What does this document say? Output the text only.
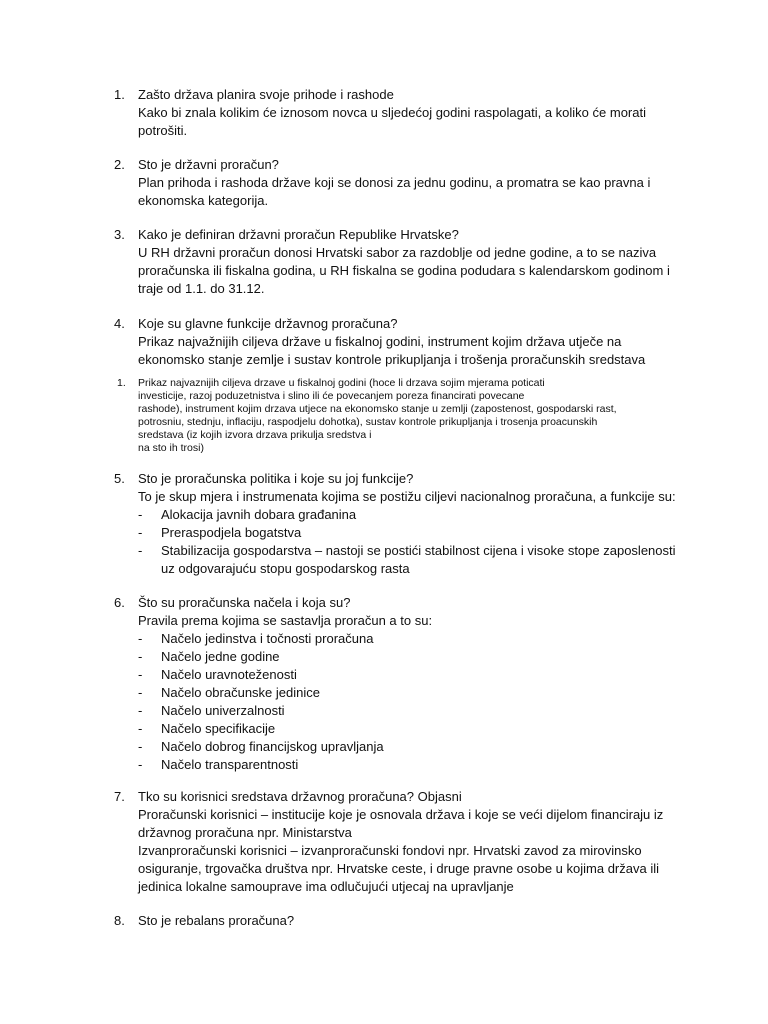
1. Zašto država planira svoje prihode i rashode
Kako bi znala kolikim će iznosom novca u sljedećoj godini raspolagati, a koliko će morati potrošiti.
2. Sto je državni proračun?
Plan prihoda i rashoda države koji se donosi za jednu godinu, a promatra se kao pravna i ekonomska kategorija.
3. Kako je definiran državni proračun Republike Hrvatske?
U RH državni proračun donosi Hrvatski sabor za razdoblje od jedne godine, a to se naziva proračunska ili fiskalna godina, u RH fiskalna se godina podudara s kalendarskom godinom i traje od 1.1. do 31.12.
4. Koje su glavne funkcije državnog proračuna?
Prikaz najvažnijih ciljeva države u fiskalnoj godini, instrument kojim država utječe na ekonomsko stanje zemlje i sustav kontrole prikupljanja i trošenja proračunskih sredstava
1. Prikaz najvaznijih ciljeva drzave u fiskalnoj godini (hoce li drzava sojim mjerama poticati
investicije, razoj poduzetnistva i slino ili će povecanjem poreza financirati povecane
rashode), instrument kojim drzava utjece na ekonomsko stanje u zemlji (zapostenost, gospodarski rast,
potrosniu, stednju, inflaciju, raspodjelu dohotka), sustav kontrole prikupljanja i trosenja proacunskih
sredstava (iz kojih izvora drzava prikulja sredstva i
na sto ih trosi)
5. Sto je proračunska politika i koje su joj funkcije?
To je skup mjera i instrumenata kojima se postižu ciljevi nacionalnog proračuna, a funkcije su:
- Alokacija javnih dobara građanina
- Preraspodjela bogatstva
- Stabilizacija gospodarstva – nastoji se postići stabilnost cijena i visoke stope zaposlenosti
uz odgovarajuću stopu gospodarskog rasta
6. Što su proračunska načela i koja su?
Pravila prema kojima se sastavlja proračun a to su:
- Načelo jedinstva i točnosti proračuna
- Načelo jedne godine
- Načelo uravnoteženosti
- Načelo obračunske jedinice
- Načelo univerzalnosti
- Načelo specifikacije
- Načelo dobrog financijskog upravljanja
- Načelo transparentnosti
7. Tko su korisnici sredstava državnog proračuna? Objasni
Proračunski korisnici – institucije koje je osnovala država i koje se veći dijelom financiraju iz
državnog proračuna npr. Ministarstva
Izvanproračunski korisnici – izvanproračunski fondovi npr. Hrvatski zavod za mirovinsko
osiguranje, trgovačka društva npr. Hrvatske ceste, i druge pravne osobe u kojima država ili
jedinica lokalne samouprave ima odlučujući utjecaj na upravljanje
8. Sto je rebalans proračuna?
